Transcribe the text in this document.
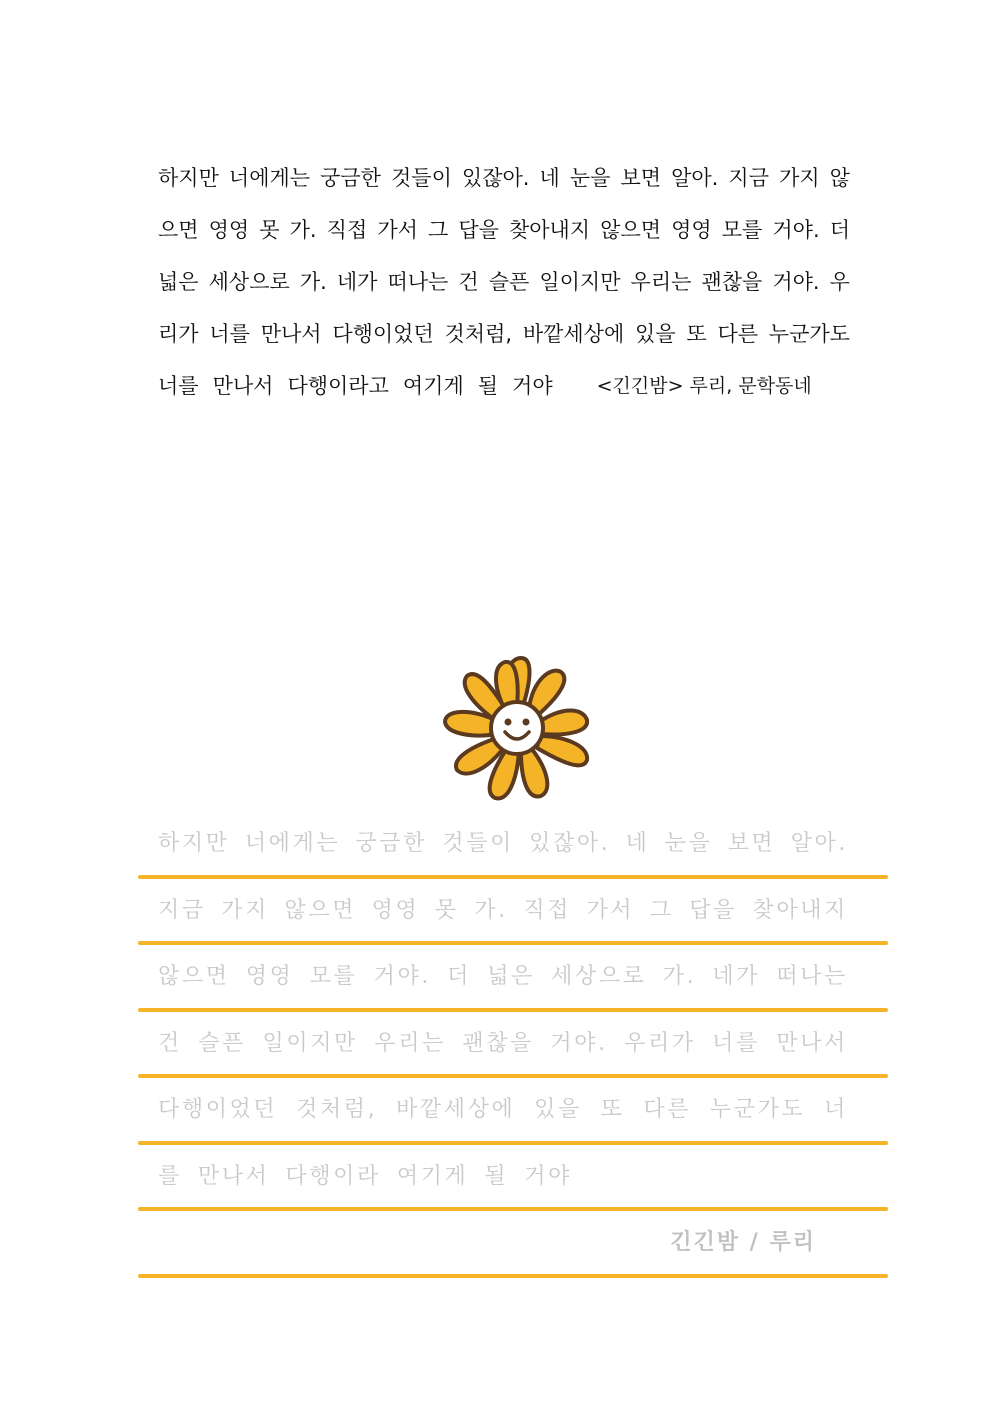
하지만 너에게는 궁금한 것들이 있잖아. 네 눈을 보면 알아. 지금 가지 않
으면 영영 못 가. 직접 가서 그 답을 찾아내지 않으면 영영 모를 거야. 더
넓은 세상으로 가. 네가 떠나는 건 슬픈 일이지만 우리는 괜찮을 거야. 우
리가 너를 만나서 다행이었던 것처럼, 바깥세상에 있을 또 다른 누군가도
너를 만나서 다행이라고 여기게 될 거야 <긴긴밤> 루리, 문학동네
하지만 너에게는 궁금한 것들이 있잖아. 네 눈을 보면 알아.
지금 가지 않으면 영영 못 가. 직접 가서 그 답을 찾아내지
않으면 영영 모를 거야. 더 넓은 세상으로 가. 네가 떠나는
건 슬픈 일이지만 우리는 괜찮을 거야. 우리가 너를 만나서
다행이었던 것처럼, 바깥세상에 있을 또 다른 누군가도 너
를 만나서 다행이라 여기게 될 거야
긴긴밤 / 루리
